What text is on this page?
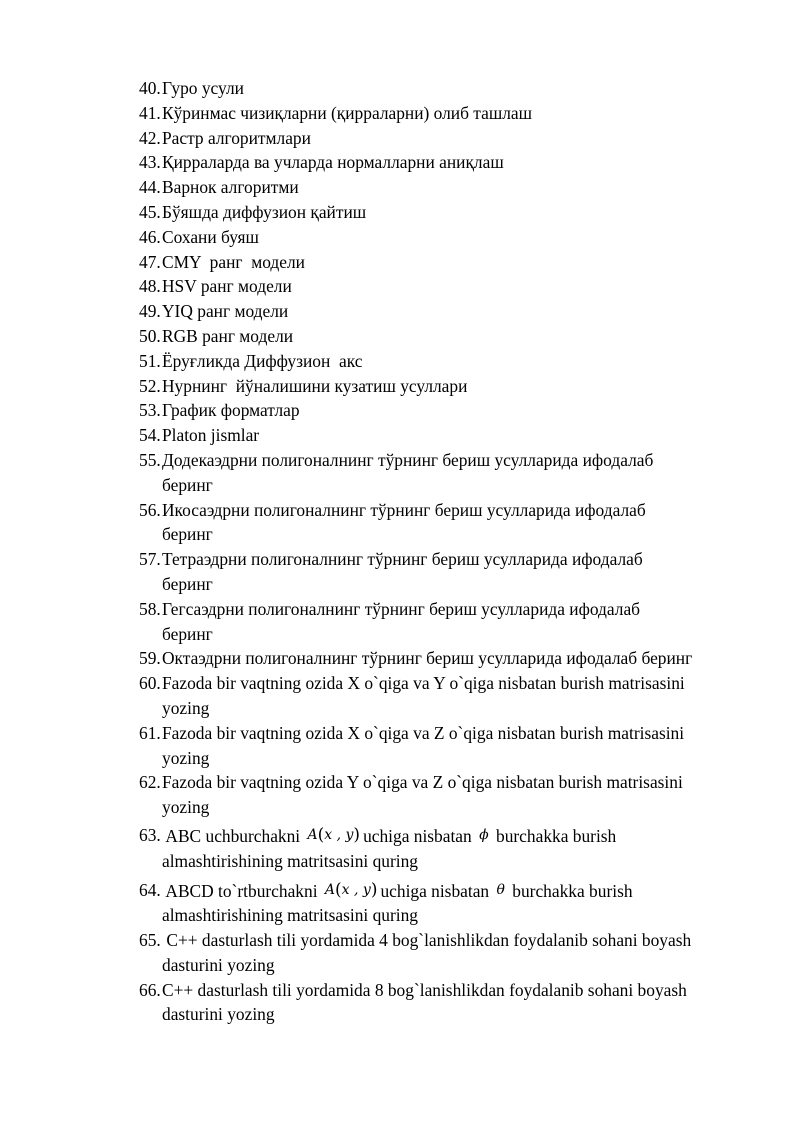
40. Гуро усули
41. Кўринмас чизиқларни (қирраларни) олиб ташлаш
42. Растр алгоритмлари
43. Қирраларда ва учларда нормалларни аниқлаш
44. Варнок алгоритми
45. Бўяшда диффузион қайтиш
46. Сохани буяш
47. CMY  ранг  модели
48. HSV ранг модели
49. YIQ ранг модели
50. RGB ранг модели
51. Ёруғликда Диффузион  акс
52. Нурнинг  йўналишини кузатиш усуллари
53. График форматлар
54. Platon jismlar
55. Додекаэдрни полигоналнинг тўрнинг бериш усулларида ифодалаб
беринг
56. Икосаэдрни полигоналнинг тўрнинг бериш усулларида ифодалаб
беринг
57. Тетраэдрни полигоналнинг тўрнинг бериш усулларида ифодалаб
беринг
58. Гегсаэдрни полигоналнинг тўрнинг бериш усулларида ифодалаб
беринг
59. Октаэдрни полигоналнинг тўрнинг бериш усулларида ифодалаб беринг
60. Fazoda bir vaqtning ozida X o`qiga va Y o`qiga nisbatan burish matrisasini
yozing
61. Fazoda bir vaqtning ozida X o`qiga va Z o`qiga nisbatan burish matrisasini
yozing
62. Fazoda bir vaqtning ozida Y o`qiga va Z o`qiga nisbatan burish matrisasini
yozing
63. ABC uchburchakni A(x , y) uchiga nisbatan ϕ burchakka burish
almashtirishining matritsasini quring
64. ABCD to`rtburchakni A(x , y) uchiga nisbatan θ burchakka burish
almashtirishining matritsasini quring
65. C++ dasturlash tili yordamida 4 bog`lanishlikdan foydalanib sohani boyash
dasturini yozing
66. C++ dasturlash tili yordamida 8 bog`lanishlikdan foydalanib sohani boyash
dasturini yozing
